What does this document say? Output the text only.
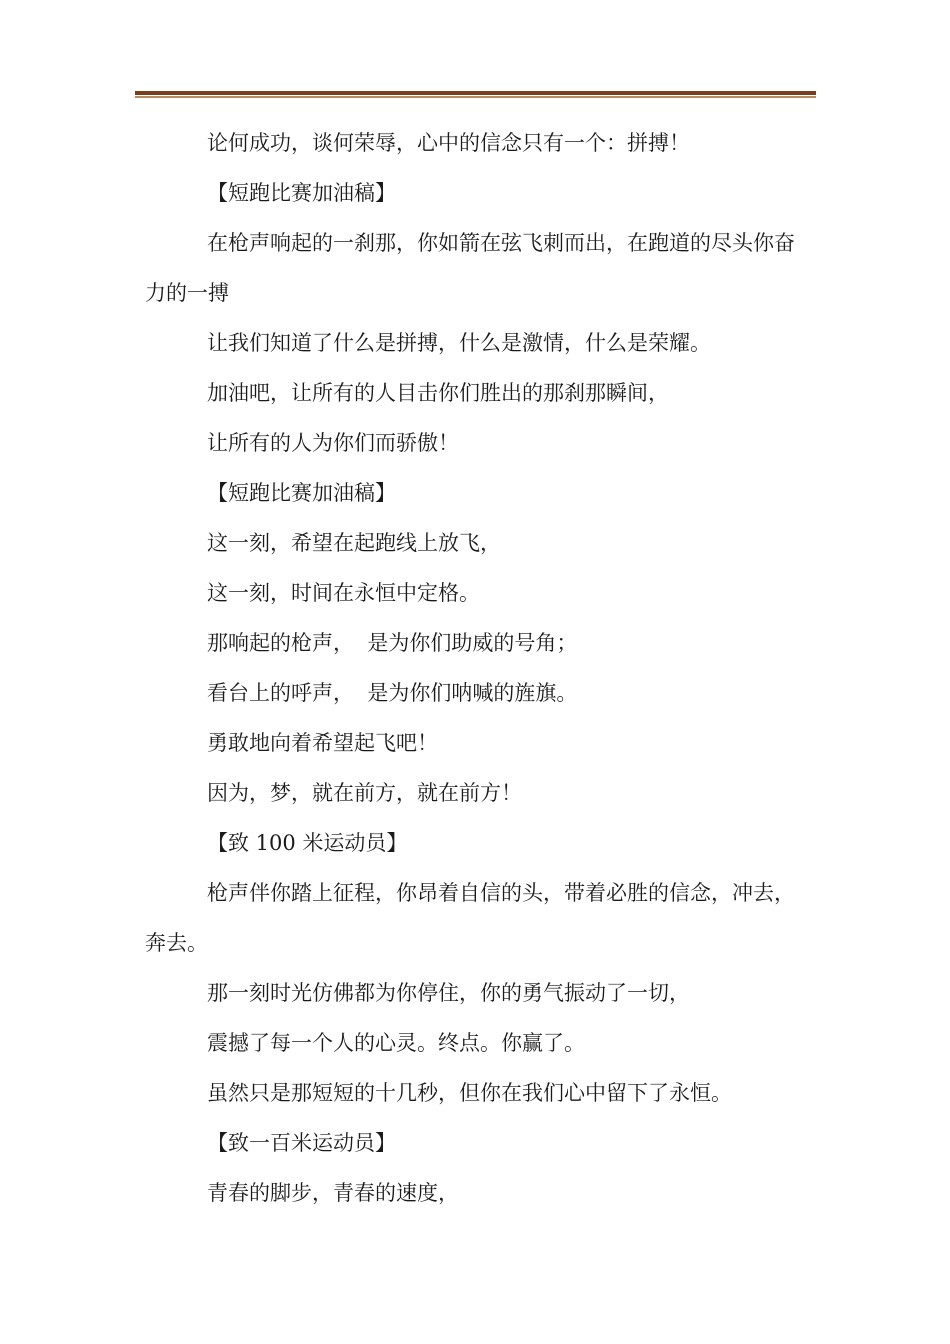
论何成功，谈何荣辱，心中的信念只有一个：拼搏！

【短跑比赛加油稿】

在枪声响起的一刹那，你如箭在弦飞刺而出，在跑道的尽头你奋力的一搏

让我们知道了什么是拼搏，什么是激情，什么是荣耀。

加油吧，让所有的人目击你们胜出的那刹那瞬间，

让所有的人为你们而骄傲！

【短跑比赛加油稿】

这一刻，希望在起跑线上放飞，

这一刻，时间在永恒中定格。

那响起的枪声，  是为你们助威的号角；

看台上的呼声，  是为你们呐喊的旌旗。

勇敢地向着希望起飞吧！

因为，梦，就在前方，就在前方！

【致 100 米运动员】

枪声伴你踏上征程，你昂着自信的头，带着必胜的信念，冲去，奔去。

那一刻时光仿佛都为你停住，你的勇气振动了一切，

震撼了每一个人的心灵。终点。你赢了。

虽然只是那短短的十几秒，但你在我们心中留下了永恒。

【致一百米运动员】

青春的脚步，青春的速度，
